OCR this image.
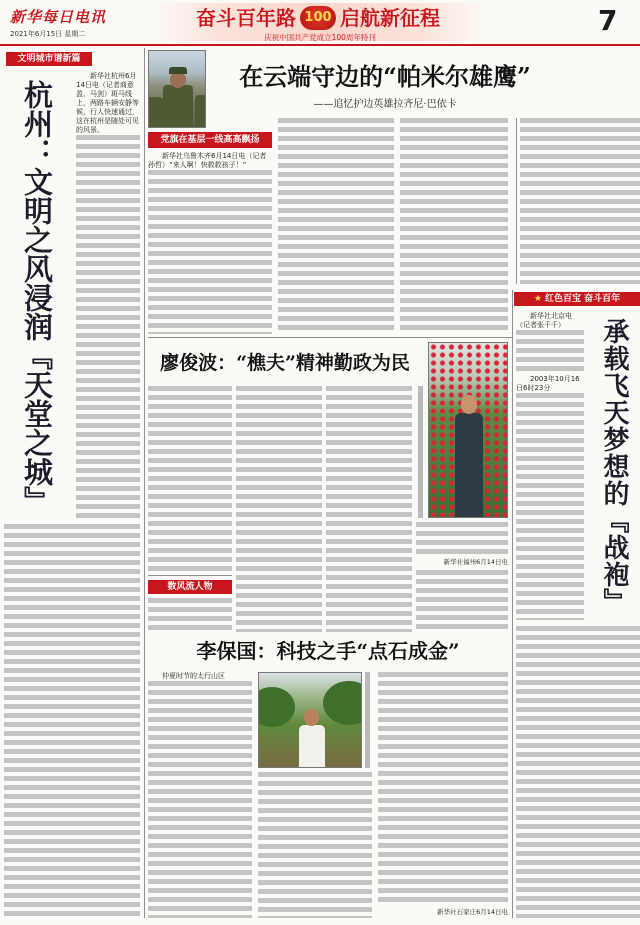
新华每日电讯
2021年6月15日 星期二
奋斗百年路 100 启航新征程
庆祝中国共产党成立100周年特刊
7
文明城市谱新篇
杭州：文明之风浸润『天堂之城』

新华社杭州6月14日电（记者商意盈、马剑）斑马线上，两路车辆安静等候，行人快速通过，这在杭州是随处可见的风景。

在云端守边的“帕米尔雄鹰”
——追忆护边英雄拉齐尼·巴依卡
党旗在基层一线高高飘扬

新华社乌鲁木齐6月14日电（记者孙哲）“来人啊！快救救孩子！”

★ 红色百宝 奋斗百年

新华社北京电（记者张千千）

2003年10月16日6时23分	承载飞天梦想的『战袍』
廖俊波：“樵夫”精神勤政为民
新华社福州6月14日电
数风流人物
李保国：科技之手“点石成金”

仲夏时节的太行山区

新华社石家庄6月14日电
